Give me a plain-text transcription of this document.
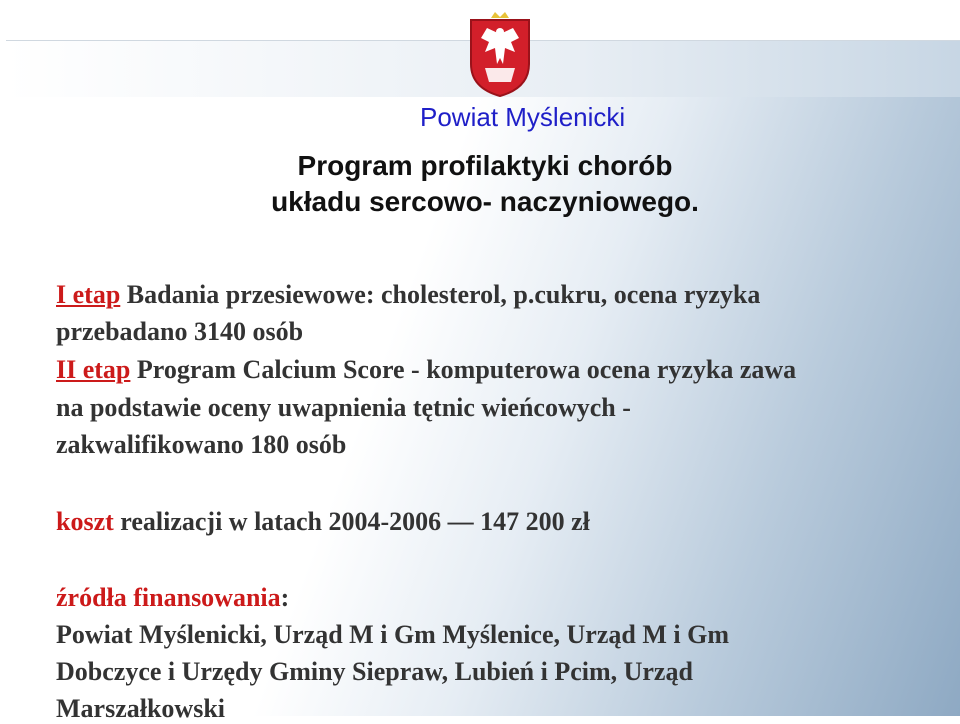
Powiat Myślenicki
Program profilaktyki chorób
układu sercowo- naczyniowego.
I etap Badania przesiewowe: cholesterol, p.cukru, ocena ryzyka
przebadano 3140 osób
II etap Program Calcium Score - komputerowa ocena ryzyka zawa
na podstawie oceny uwapnienia tętnic wieńcowych -
zakwalifikowano 180 osób
koszt realizacji w latach 2004-2006 — 147 200 zł
źródła finansowania:
Powiat Myślenicki, Urząd M i Gm Myślenice, Urząd M i Gm
Dobczyce i Urzędy Gminy Siepraw, Lubień i Pcim, Urząd
Marszałkowski
